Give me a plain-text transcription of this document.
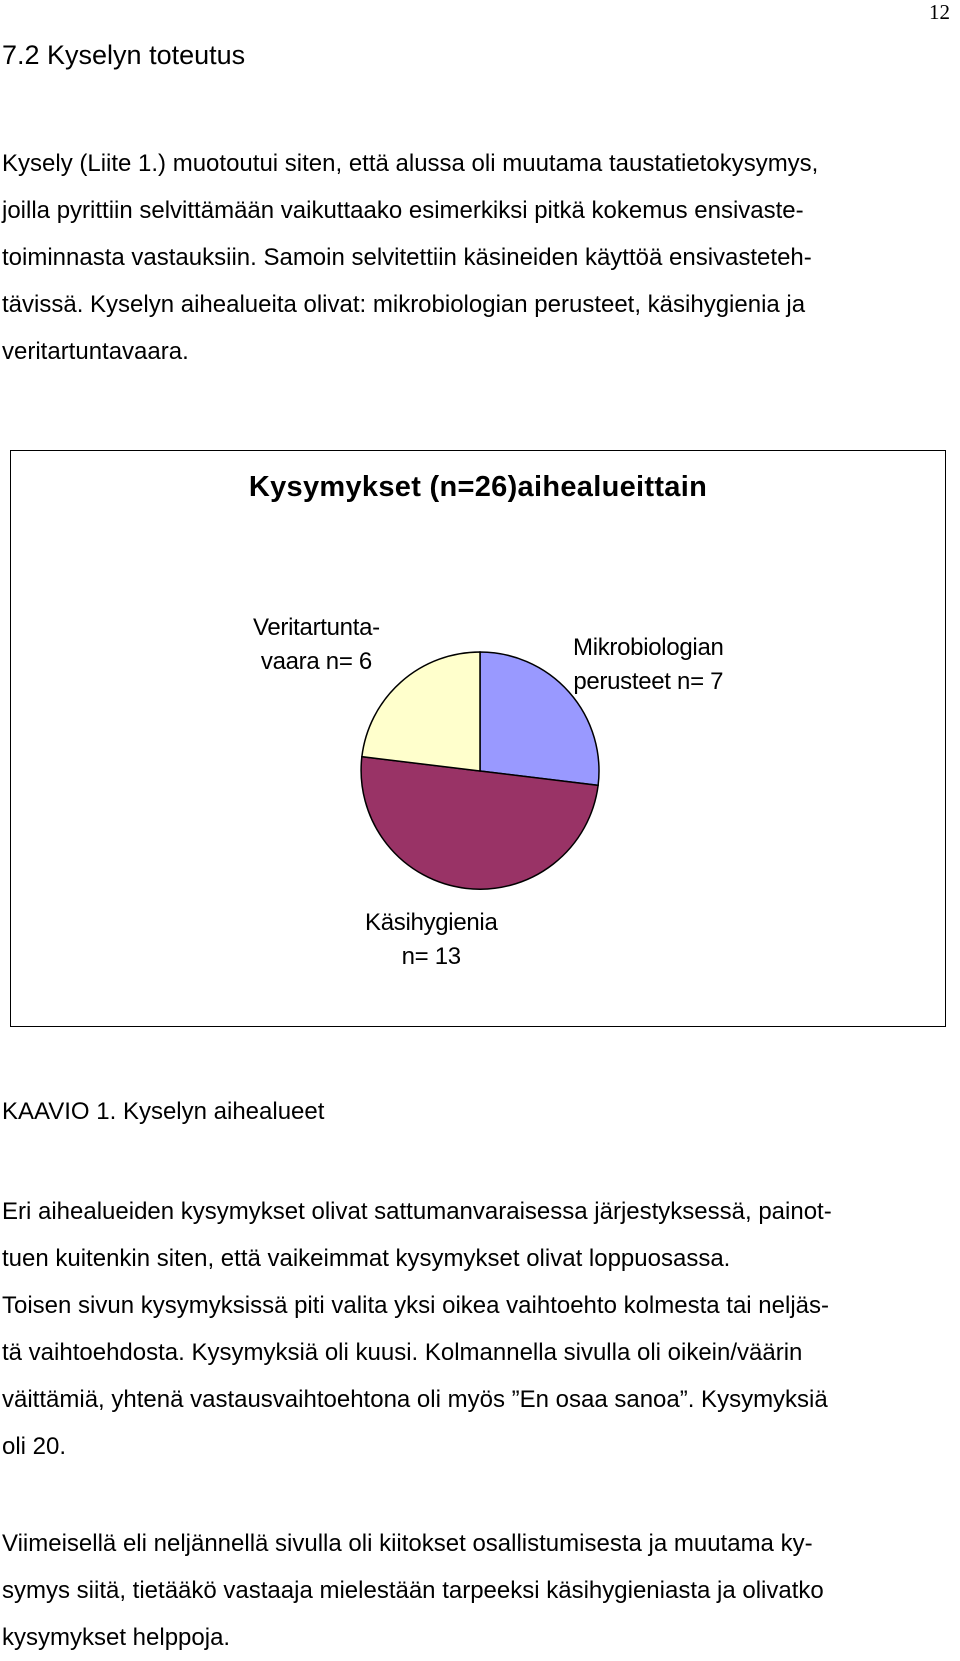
12
7.2 Kyselyn toteutus
Kysely (Liite 1.) muotoutui siten, että alussa oli muutama taustatietokysymys,
joilla pyrittiin selvittämään vaikuttaako esimerkiksi pitkä kokemus ensivaste-
toiminnasta vastauksiin. Samoin selvitettiin käsineiden käyttöä ensivasteteh-
tävissä. Kyselyn aihealueita olivat: mikrobiologian perusteet, käsihygienia ja
veritartuntavaara.
Kysymykset (n=26)aihealueittain
Veritartunta-
vaara n= 6
Mikrobiologian
perusteet n= 7
Käsihygienia
n= 13
KAAVIO 1. Kyselyn aihealueet
Eri aihealueiden kysymykset olivat sattumanvaraisessa järjestyksessä, painot-
tuen kuitenkin siten, että vaikeimmat kysymykset olivat loppuosassa.
Toisen sivun kysymyksissä piti valita yksi oikea vaihtoehto kolmesta tai neljäs-
tä vaihtoehdosta. Kysymyksiä oli kuusi. Kolmannella sivulla oli oikein/väärin
väittämiä, yhtenä vastausvaihtoehtona oli myös ”En osaa sanoa”. Kysymyksiä
oli 20.
Viimeisellä eli neljännellä sivulla oli kiitokset osallistumisesta ja muutama ky-
symys siitä, tietääkö vastaaja mielestään tarpeeksi käsihygieniasta ja olivatko
kysymykset helppoja.
